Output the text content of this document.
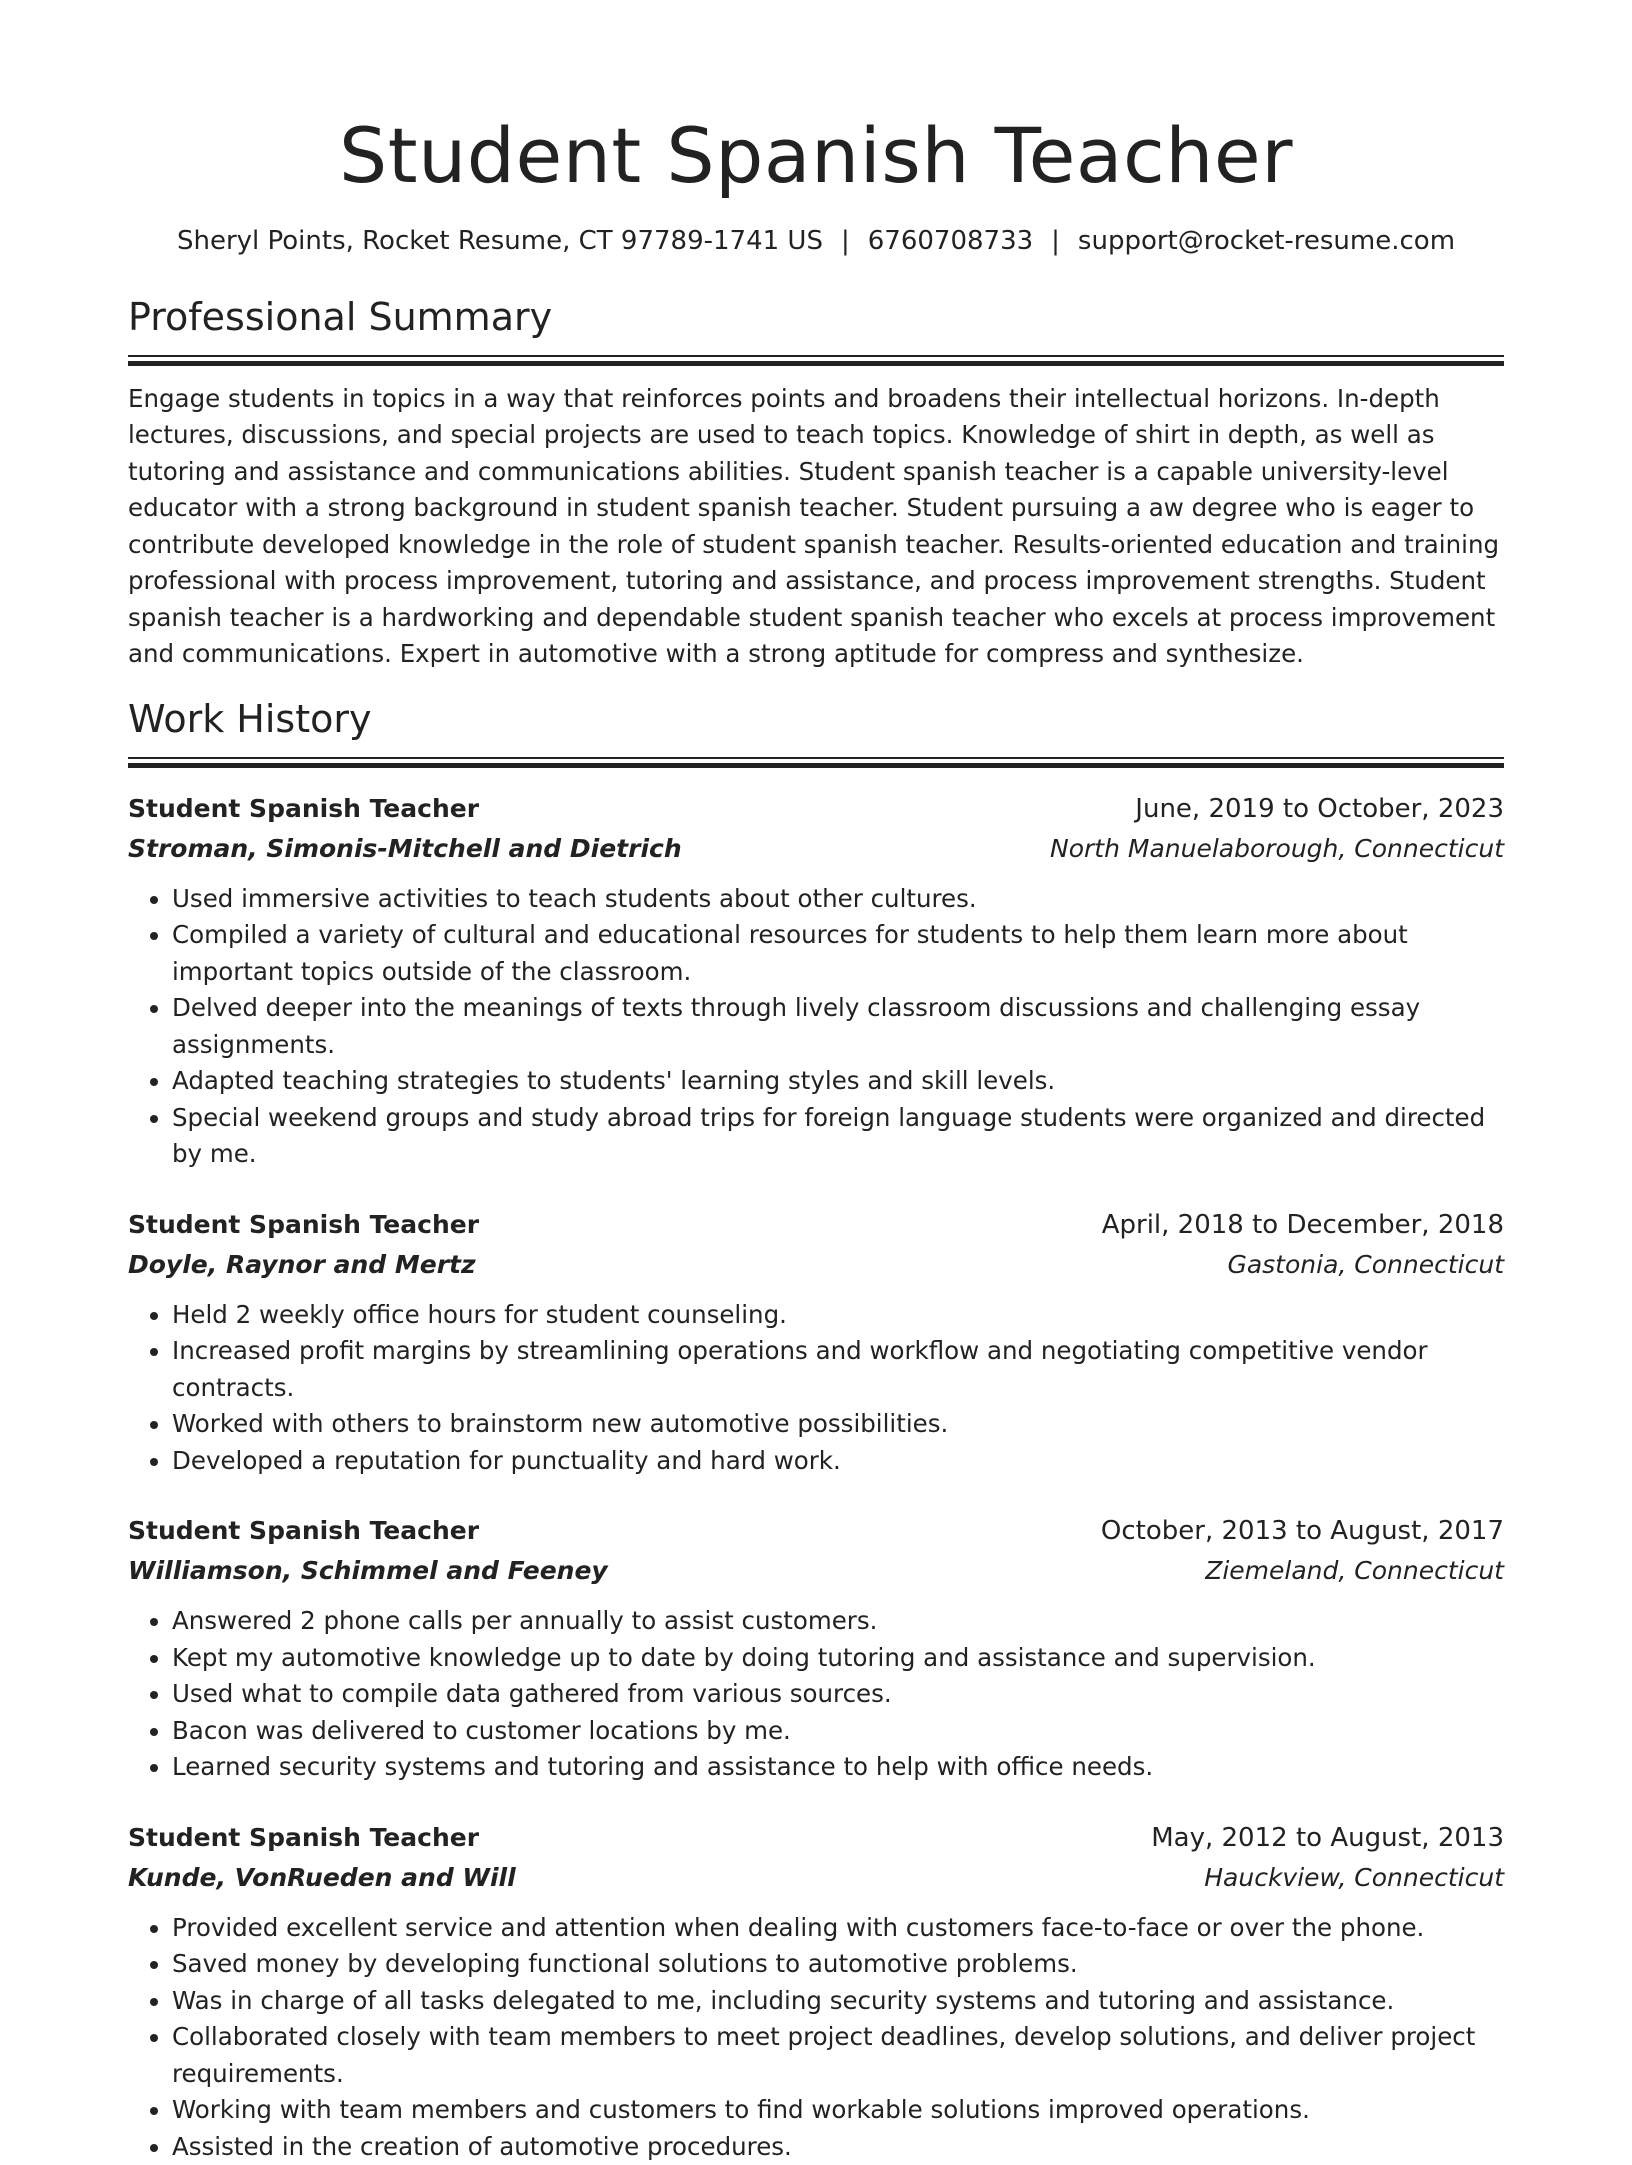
Student Spanish Teacher
Sheryl Points, Rocket Resume, CT 97789-1741 US | 6760708733 | support@rocket-resume.com
Professional Summary

Engage students in topics in a way that reinforces points and broadens their intellectual horizons. In-depth lectures, discussions, and special projects are used to teach topics. Knowledge of shirt in depth, as well as tutoring and assistance and communications abilities. Student spanish teacher is a capable university-level educator with a strong background in student spanish teacher. Student pursuing a aw degree who is eager to contribute developed knowledge in the role of student spanish teacher. Results-oriented education and training professional with process improvement, tutoring and assistance, and process improvement strengths. Student spanish teacher is a hardworking and dependable student spanish teacher who excels at process improvement and communications. Expert in automotive with a strong aptitude for compress and synthesize.

Work History
Student Spanish Teacher	June, 2019 to October, 2023
Stroman, Simonis-Mitchell and Dietrich	North Manuelaborough, Connecticut
• Used immersive activities to teach students about other cultures.
• Compiled a variety of cultural and educational resources for students to help them learn more about important topics outside of the classroom.
• Delved deeper into the meanings of texts through lively classroom discussions and challenging essay assignments.
• Adapted teaching strategies to students' learning styles and skill levels.
• Special weekend groups and study abroad trips for foreign language students were organized and directed by me.
Student Spanish Teacher	April, 2018 to December, 2018
Doyle, Raynor and Mertz	Gastonia, Connecticut
• Held 2 weekly office hours for student counseling.
• Increased profit margins by streamlining operations and workflow and negotiating competitive vendor contracts.
• Worked with others to brainstorm new automotive possibilities.
• Developed a reputation for punctuality and hard work.
Student Spanish Teacher	October, 2013 to August, 2017
Williamson, Schimmel and Feeney	Ziemeland, Connecticut
• Answered 2 phone calls per annually to assist customers.
• Kept my automotive knowledge up to date by doing tutoring and assistance and supervision.
• Used what to compile data gathered from various sources.
• Bacon was delivered to customer locations by me.
• Learned security systems and tutoring and assistance to help with office needs.
Student Spanish Teacher	May, 2012 to August, 2013
Kunde, VonRueden and Will	Hauckview, Connecticut
• Provided excellent service and attention when dealing with customers face-to-face or over the phone.
• Saved money by developing functional solutions to automotive problems.
• Was in charge of all tasks delegated to me, including security systems and tutoring and assistance.
• Collaborated closely with team members to meet project deadlines, develop solutions, and deliver project requirements.
• Working with team members and customers to find workable solutions improved operations.
• Assisted in the creation of automotive procedures.
